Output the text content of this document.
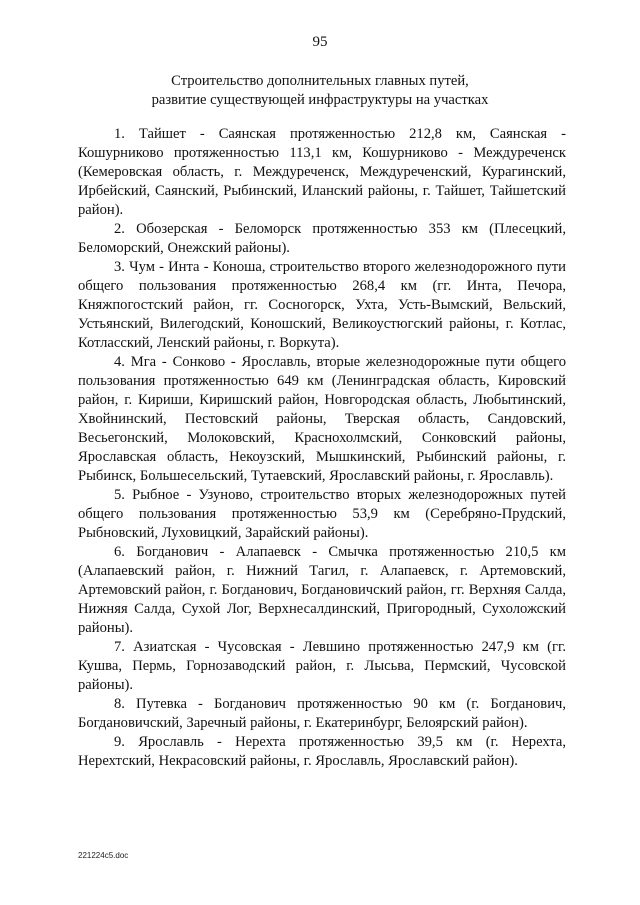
95
Строительство дополнительных главных путей,
развитие существующей инфраструктуры на участках

1. Тайшет - Саянская протяженностью 212,8 км, Саянская - Кошурниково протяженностью 113,1 км, Кошурниково - Междуреченск (Кемеровская область, г. Междуреченск, Междуреченский, Курагинский, Ирбейский, Саянский, Рыбинский, Иланский районы, г. Тайшет, Тайшетский район).

2. Обозерская - Беломорск протяженностью 353 км (Плесецкий, Беломорский, Онежский районы).

3. Чум - Инта - Коноша, строительство второго железнодорожного пути общего пользования протяженностью 268,4 км (гг. Инта, Печора, Княжпогостский район, гг. Сосногорск, Ухта, Усть-Вымский, Вельский, Устьянский, Вилегодский, Коношский, Великоустюгский районы, г. Котлас, Котласский, Ленский районы, г. Воркута).

4. Мга - Сонково - Ярославль, вторые железнодорожные пути общего пользования протяженностью 649 км (Ленинградская область, Кировский район, г. Кириши, Киришский район, Новгородская область, Любытинский, Хвойнинский, Пестовский районы, Тверская область, Сандовский, Весьегонский, Молоковский, Краснохолмский, Сонковский районы, Ярославская область, Некоузский, Мышкинский, Рыбинский районы, г. Рыбинск, Большесельский, Тутаевский, Ярославский районы, г. Ярославль).

5. Рыбное - Узуново, строительство вторых железнодорожных путей общего пользования протяженностью 53,9 км (Серебряно-Прудский, Рыбновский, Луховицкий, Зарайский районы).

6. Богданович - Алапаевск - Смычка протяженностью 210,5 км (Алапаевский район, г. Нижний Тагил, г. Алапаевск, г. Артемовский, Артемовский район, г. Богданович, Богдановичский район, гг. Верхняя Салда, Нижняя Салда, Сухой Лог, Верхнесалдинский, Пригородный, Сухоложский районы).

7. Азиатская - Чусовская - Левшино протяженностью 247,9 км (гг. Кушва, Пермь, Горнозаводский район, г. Лысьва, Пермский, Чусовской районы).

8. Путевка - Богданович протяженностью 90 км (г. Богданович, Богдановичский, Заречный районы, г. Екатеринбург, Белоярский район).

9. Ярославль - Нерехта протяженностью 39,5 км (г. Нерехта, Нерехтский, Некрасовский районы, г. Ярославль, Ярославский район).

221224c5.doc
